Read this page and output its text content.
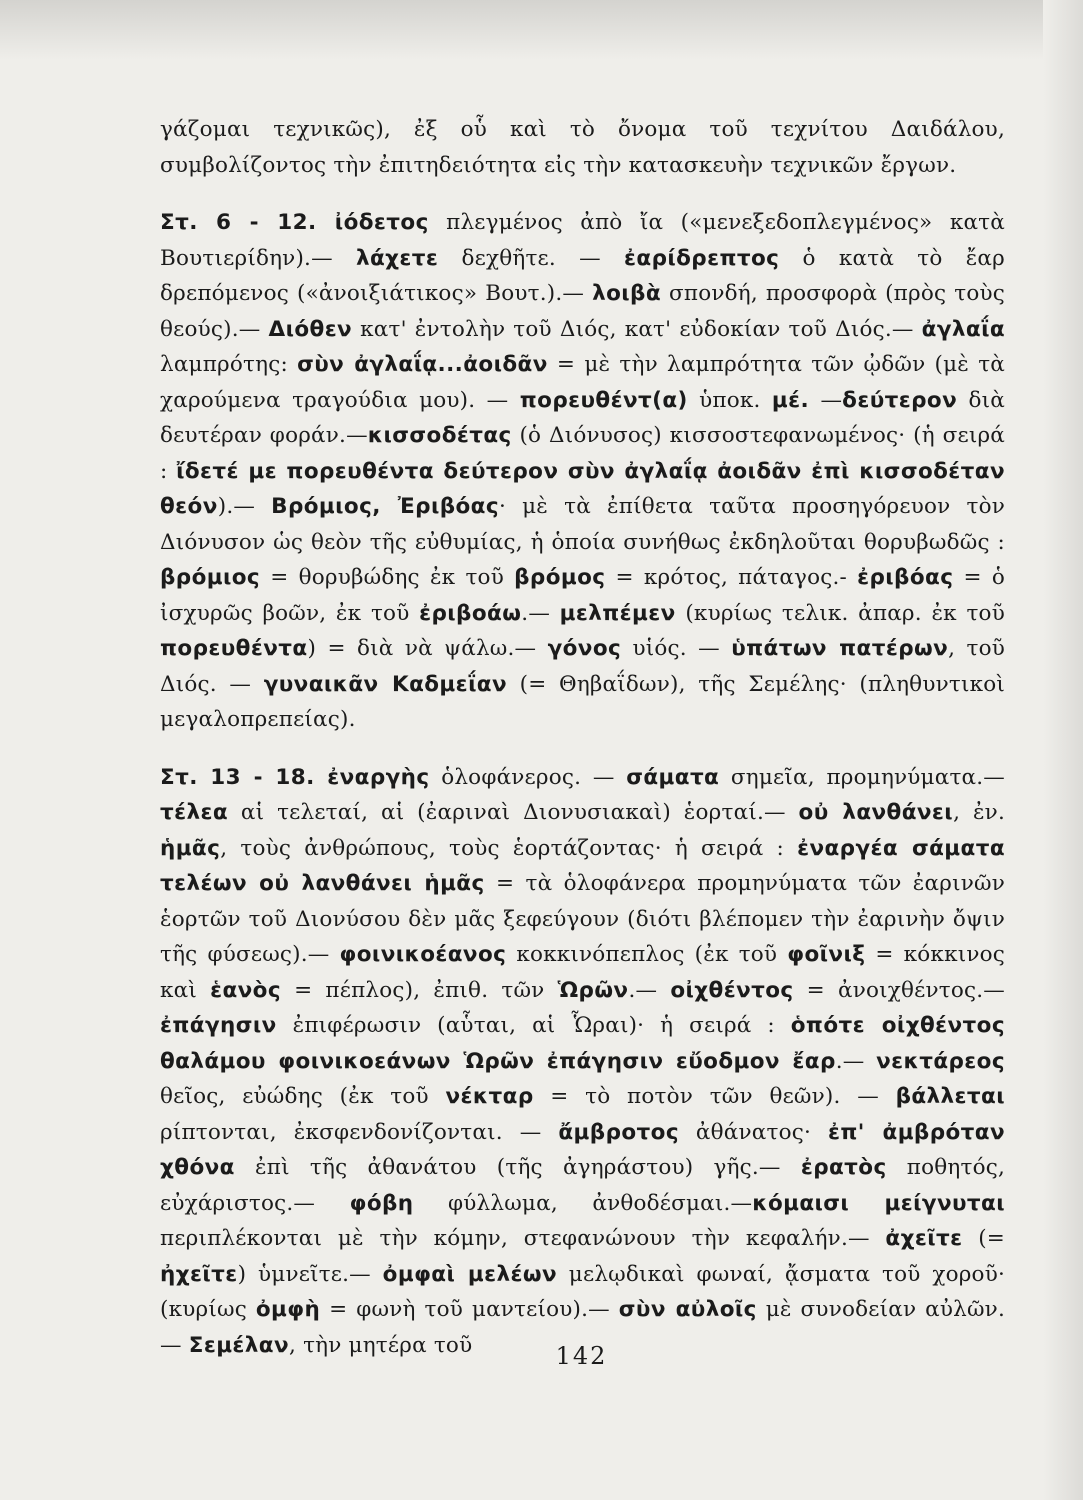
γάζομαι τεχνικῶς), ἐξ οὗ καὶ τὸ ὄνομα τοῦ τεχνίτου Δαιδάλου, συμβολίζοντος τὴν ἐπιτηδειότητα εἰς τὴν κατασκευὴν τεχνικῶν ἔργων.

Στ. 6 - 12. ἰόδετος πλεγμένος ἀπὸ ἴα («μενεξεδοπλεγμένος» κατὰ Βουτιερίδην).— λάχετε δεχθῆτε. — ἐαρίδρεπτος ὁ κατὰ τὸ ἔαρ δρεπόμενος («ἀνοιξιάτικος» Βουτ.).— λοιβὰ σπονδή, προσφορὰ (πρὸς τοὺς θεούς).— Διόθεν κατ' ἐντολὴν τοῦ Διός, κατ' εὐδοκίαν τοῦ Διός.— ἀγλαΐα λαμπρότης: σὺν ἀγλαΐᾳ...ἀοιδᾶν = μὲ τὴν λαμπρότητα τῶν ᾠδῶν (μὲ τὰ χαρούμενα τραγούδια μου). — πορευθέντ(α) ὑποκ. μέ. —δεύτερον διὰ δευτέραν φοράν.—κισσοδέτας (ὁ Διόνυσος) κισσοστεφανωμένος· (ἡ σειρά : ἴδετέ με πορευθέντα δεύτερον σὺν ἀγλαΐᾳ ἀοιδᾶν ἐπὶ κισσοδέταν θεόν).— Βρόμιος, Ἐριβόας· μὲ τὰ ἐπίθετα ταῦτα προσηγόρευον τὸν Διόνυσον ὡς θεὸν τῆς εὐθυμίας, ἡ ὁποία συνήθως ἐκδηλοῦται θορυβωδῶς : βρόμιος = θορυβώδης ἐκ τοῦ βρόμος = κρότος, πάταγος.- ἐριβόας = ὁ ἰσχυρῶς βοῶν, ἐκ τοῦ ἐριβοάω.— μελπέμεν (κυρίως τελικ. ἀπαρ. ἐκ τοῦ πορευθέντα) = διὰ νὰ ψάλω.— γόνος υἱός. — ὑπάτων πατέρων, τοῦ Διός. — γυναικᾶν Καδμεΐαν (= Θηβαΐδων), τῆς Σεμέλης· (πληθυντικοὶ μεγαλοπρεπείας).

Στ. 13 - 18. ἐναργὴς ὁλοφάνερος. — σάματα σημεῖα, προμηνύματα.— τέλεα αἱ τελεταί, αἱ (ἐαριναὶ Διονυσιακαὶ) ἑορταί.— οὐ λανθάνει, ἐν. ἡμᾶς, τοὺς ἀνθρώπους, τοὺς ἑορτάζοντας· ἡ σειρά : ἐναργέα σάματα τελέων οὐ λανθάνει ἡμᾶς = τὰ ὁλοφάνερα προμηνύματα τῶν ἐαρινῶν ἑορτῶν τοῦ Διονύσου δὲν μᾶς ξεφεύγουν (διότι βλέπομεν τὴν ἐαρινὴν ὄψιν τῆς φύσεως).— φοινικοέανος κοκκινόπεπλος (ἐκ τοῦ φοῖνιξ = κόκκινος καὶ ἑανὸς = πέπλος), ἐπιθ. τῶν Ὡρῶν.— οἰχθέντος = ἀνοιχθέντος.— ἐπάγησιν ἐπιφέρωσιν (αὗται, αἱ Ὧραι)· ἡ σειρά : ὁπότε οἰχθέντος θαλάμου φοινικοεάνων Ὡρῶν ἐπάγησιν εὔοδμον ἔαρ.— νεκτάρεος θεῖος, εὐώδης (ἐκ τοῦ νέκταρ = τὸ ποτὸν τῶν θεῶν). — βάλλεται ρίπτονται, ἐκσφενδονίζονται. — ἄμβροτος ἀθάνατος· ἐπ' ἀμβρόταν χθόνα ἐπὶ τῆς ἀθανάτου (τῆς ἀγηράστου) γῆς.— ἐρατὸς ποθητός, εὐχάριστος.— φόβη φύλλωμα, ἀνθοδέσμαι.—κόμαισι μείγνυται περιπλέκονται μὲ τὴν κόμην, στεφανώνουν τὴν κεφαλήν.— ἀχεῖτε (= ἠχεῖτε) ὑμνεῖτε.— ὀμφαὶ μελέων μελῳδικαὶ φωναί, ᾄσματα τοῦ χοροῦ· (κυρίως ὀμφὴ = φωνὴ τοῦ μαντείου).— σὺν αὐλοῖς μὲ συνοδείαν αὐλῶν.— Σεμέλαν, τὴν μητέρα τοῦ	142
